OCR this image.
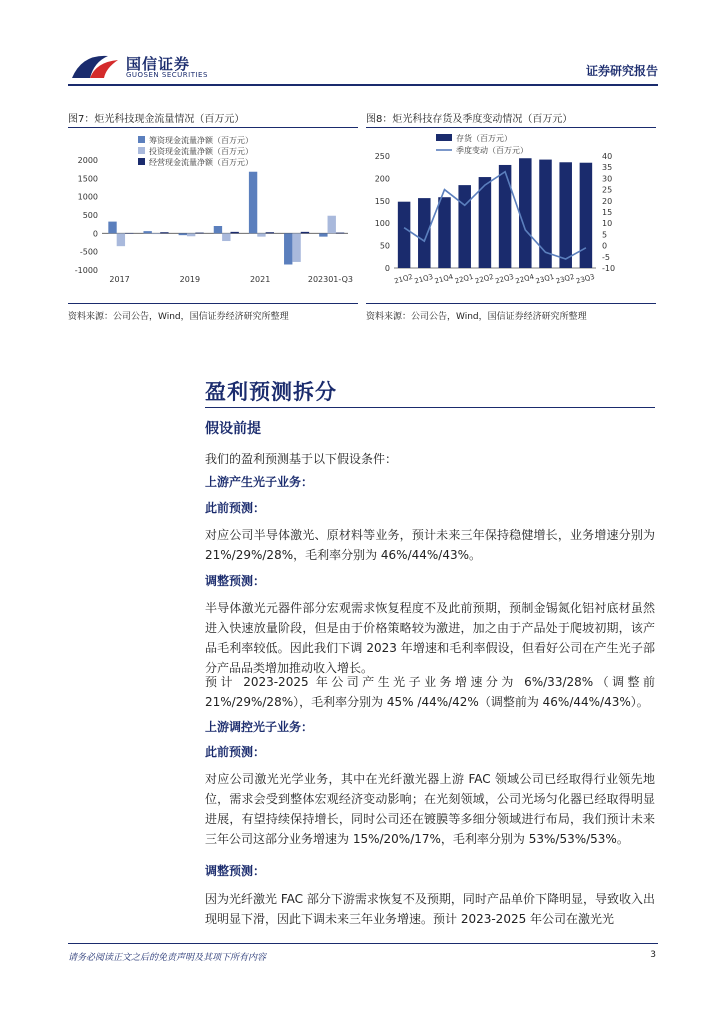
国信证券
GUOSEN SECURITIES	证券研究报告
图7：炬光科技现金流量情况（百万元）
-1000
-500
0
500
1000
1500
2000
2017	2019	2021	202301-Q3
筹资现金流量净额（百万元）
投资现金流量净额（百万元）
经营现金流量净额（百万元）
资料来源：公司公告，Wind，国信证券经济研究所整理
图8：炬光科技存货及季度变动情况（百万元）
0
50
100
150
200
250
-10
-5
0
5
10
15
20
25
30
35
40
21Q2 21Q3 21Q4 22Q1 22Q2 22Q3 22Q4 23Q1 23Q2 23Q3
存货（百万元）
季度变动（百万元）
资料来源：公司公告，Wind，国信证券经济研究所整理
盈利预测拆分
假设前提
我们的盈利预测基于以下假设条件：
上游产生光子业务：
此前预测：
对应公司半导体激光、原材料等业务，预计未来三年保持稳健增长，业务增速分别为 21%/29%/28%，毛利率分别为 46%/44%/43%。
调整预测：
半导体激光元器件部分宏观需求恢复程度不及此前预期，预制金锡氮化铝衬底材虽然进入快速放量阶段，但是由于价格策略较为激进，加之由于产品处于爬坡初期，该产品毛利率较低。因此我们下调 2023 年增速和毛利率假设，但看好公司在产生光子部分产品品类增加推动收入增长。
预计 2023-2025 年公司产生光子业务增速分为 6%/33/28%（调整前 21%/29%/28%），毛利率分别为 45% /44%/42%（调整前为 46%/44%/43%）。
上游调控光子业务：
此前预测：
对应公司激光光学业务，其中在光纤激光器上游 FAC 领域公司已经取得行业领先地位，需求会受到整体宏观经济变动影响；在光刻领域，公司光场匀化器已经取得明显进展，有望持续保持增长，同时公司还在镀膜等多细分领域进行布局，我们预计未来三年公司这部分业务增速为 15%/20%/17%，毛利率分别为 53%/53%/53%。
调整预测：
因为光纤激光 FAC 部分下游需求恢复不及预期，同时产品单价下降明显，导致收入出现明显下滑，因此下调未来三年业务增速。预计 2023-2025 年公司在激光光
请务必阅读正文之后的免责声明及其项下所有内容	3
